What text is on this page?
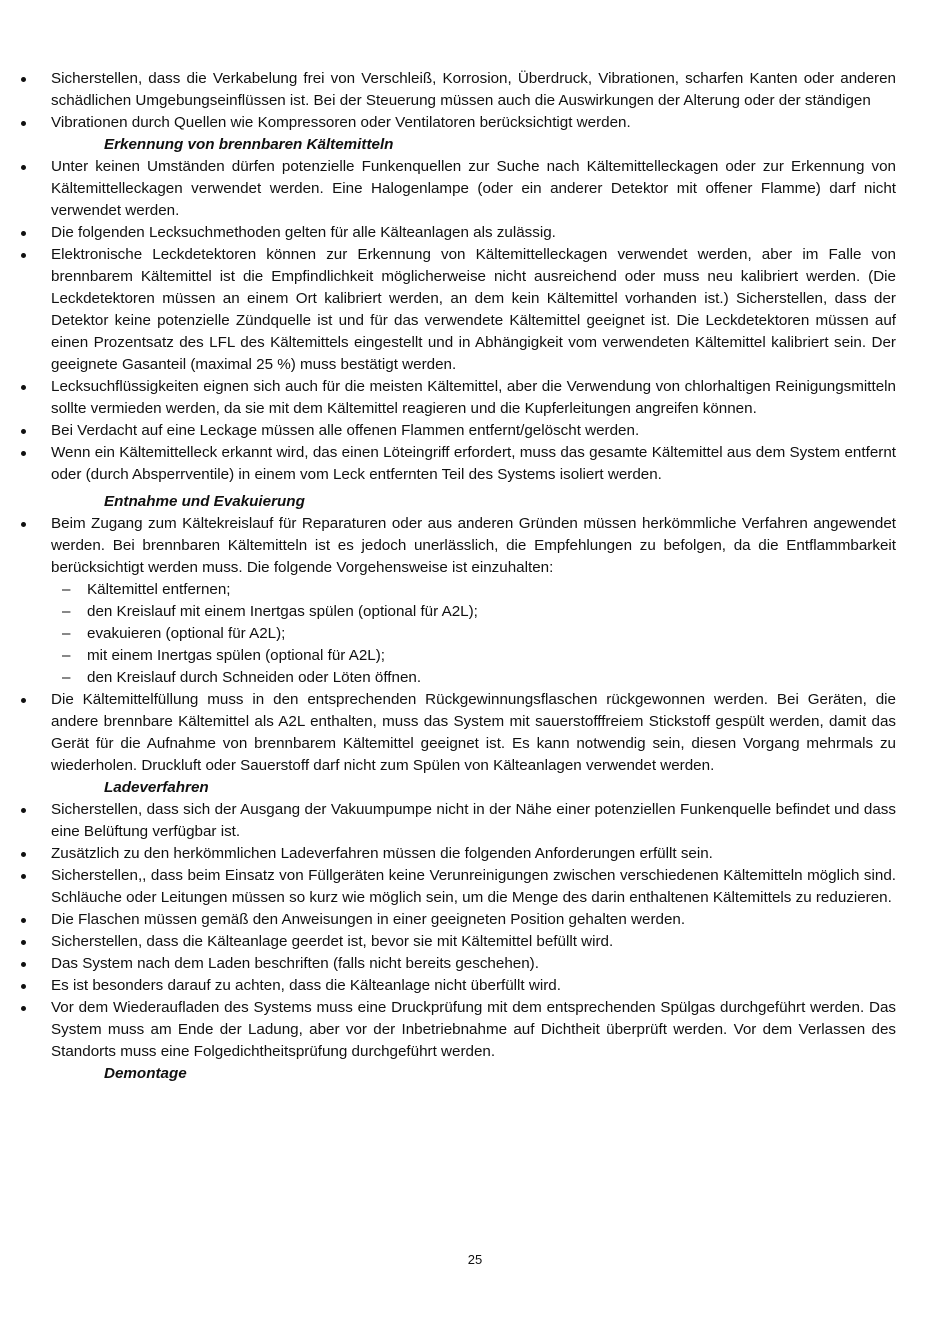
Sicherstellen, dass die Verkabelung frei von Verschleiß, Korrosion, Überdruck, Vibrationen, scharfen Kanten oder anderen schädlichen Umgebungseinflüssen ist. Bei der Steuerung müssen auch die Auswirkungen der Alterung oder der ständigen
Vibrationen durch Quellen wie Kompressoren oder Ventilatoren berücksichtigt werden.
Erkennung von brennbaren Kältemitteln
Unter keinen Umständen dürfen potenzielle Funkenquellen zur Suche nach Kältemittelleckagen oder zur Erkennung von Kältemittelleckagen verwendet werden. Eine Halogenlampe (oder ein anderer Detektor mit offener Flamme) darf nicht verwendet werden.
Die folgenden Lecksuchmethoden gelten für alle Kälteanlagen als zulässig.
Elektronische Leckdetektoren können zur Erkennung von Kältemittelleckagen verwendet werden, aber im Falle von brennbarem Kältemittel ist die Empfindlichkeit möglicherweise nicht ausreichend oder muss neu kalibriert werden. (Die Leckdetektoren müssen an einem Ort kalibriert werden, an dem kein Kältemittel vorhanden ist.) Sicherstellen, dass der Detektor keine potenzielle Zündquelle ist und für das verwendete Kältemittel geeignet ist. Die Leckdetektoren müssen auf einen Prozentsatz des LFL des Kältemittels eingestellt und in Abhängigkeit vom verwendeten Kältemittel kalibriert sein. Der geeignete Gasanteil (maximal 25 %) muss bestätigt werden.
Lecksuchflüssigkeiten eignen sich auch für die meisten Kältemittel, aber die Verwendung von chlorhaltigen Reinigungsmitteln sollte vermieden werden, da sie mit dem Kältemittel reagieren und die Kupferleitungen angreifen können.
Bei Verdacht auf eine Leckage müssen alle offenen Flammen entfernt/gelöscht werden.
Wenn ein Kältemittelleck erkannt wird, das einen Löteingriff erfordert, muss das gesamte Kältemittel aus dem System entfernt oder (durch Absperrventile) in einem vom Leck entfernten Teil des Systems isoliert werden.
Entnahme und Evakuierung
Beim Zugang zum Kältekreislauf für Reparaturen oder aus anderen Gründen müssen herkömmliche Verfahren angewendet werden. Bei brennbaren Kältemitteln ist es jedoch unerlässlich, die Empfehlungen zu befolgen, da die Entflammbarkeit berücksichtigt werden muss. Die folgende Vorgehensweise ist einzuhalten:
– Kältemittel entfernen;
– den Kreislauf mit einem Inertgas spülen (optional für A2L);
– evakuieren (optional für A2L);
– mit einem Inertgas spülen (optional für A2L);
– den Kreislauf durch Schneiden oder Löten öffnen.
Die Kältemittelfüllung muss in den entsprechenden Rückgewinnungsflaschen rückgewonnen werden. Bei Geräten, die andere brennbare Kältemittel als A2L enthalten, muss das System mit sauerstofffreiem Stickstoff gespült werden, damit das Gerät für die Aufnahme von brennbarem Kältemittel geeignet ist. Es kann notwendig sein, diesen Vorgang mehrmals zu wiederholen. Druckluft oder Sauerstoff darf nicht zum Spülen von Kälteanlagen verwendet werden.
Ladeverfahren
Sicherstellen, dass sich der Ausgang der Vakuumpumpe nicht in der Nähe einer potenziellen Funkenquelle befindet und dass eine Belüftung verfügbar ist.
Zusätzlich zu den herkömmlichen Ladeverfahren müssen die folgenden Anforderungen erfüllt sein.
Sicherstellen,, dass beim Einsatz von Füllgeräten keine Verunreinigungen zwischen verschiedenen Kältemitteln möglich sind. Schläuche oder Leitungen müssen so kurz wie möglich sein, um die Menge des darin enthaltenen Kältemittels zu reduzieren.
Die Flaschen müssen gemäß den Anweisungen in einer geeigneten Position gehalten werden.
Sicherstellen, dass die Kälteanlage geerdet ist, bevor sie mit Kältemittel befüllt wird.
Das System nach dem Laden beschriften (falls nicht bereits geschehen).
Es ist besonders darauf zu achten, dass die Kälteanlage nicht überfüllt wird.
Vor dem Wiederaufladen des Systems muss eine Druckprüfung mit dem entsprechenden Spülgas durchgeführt werden. Das System muss am Ende der Ladung, aber vor der Inbetriebnahme auf Dichtheit überprüft werden. Vor dem Verlassen des Standorts muss eine Folgedichtheitsprüfung durchgeführt werden.
Demontage
25
